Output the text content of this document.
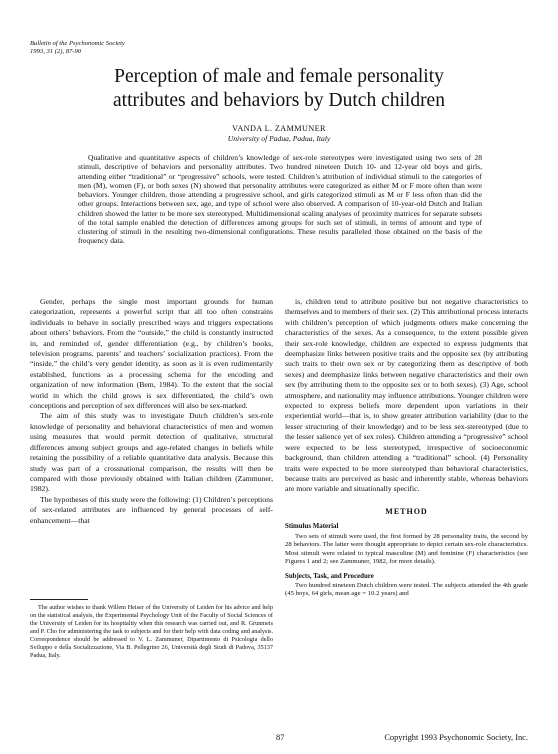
Bulletin of the Psychonomic Society
1993, 31 (2), 87-90
Perception of male and female personality
attributes and behaviors by Dutch children
VANDA L. ZAMMUNER
University of Padua, Padua, Italy

Qualitative and quantitative aspects of children’s knowledge of sex-role stereotypes were investigated using two sets of 28 stimuli, descriptive of behaviors and personality attributes. Two hundred nineteen Dutch 10- and 12-year old boys and girls, attending either “traditional” or “progressive” schools, were tested. Children’s attribution of individual stimuli to the categories of men (M), women (F), or both sexes (N) showed that personality attributes were categorized as either M or F more often than were behaviors. Younger children, those attending a progressive school, and girls categorized stimuli as M or F less often than did the other groups. Interactions between sex, age, and type of school were also observed. A comparison of 10-year-old Dutch and Italian children showed the latter to be more sex stereotyped. Multidimensional scaling analyses of proximity matrices for separate subsets of the total sample enabled the detection of differences among groups for such set of stimuli, in terms of amount and type of clustering of stimuli in the resulting two-dimensional configurations. These results paralleled those obtained on the basis of the frequency data.

Gender, perhaps the single most important grounds for human categorization, represents a powerful script that all too often constrains individuals to behave in socially prescribed ways and triggers expectations about others’ behaviors. From the “outside,” the child is constantly instructed in, and reminded of, gender differentiation (e.g., by children’s books, television programs, parents’ and teachers’ socialization practices). From the “inside,” the child’s very gender identity, as soon as it is even rudimentarily established, functions as a processing schema for the encoding and organization of new information (Bem, 1984). To the extent that the social world in which the child grows is sex differentiated, the child’s own conceptions and perception of sex differences will also be sex-marked.

The aim of this study was to investigate Dutch children’s sex-role knowledge of personality and behavioral characteristics of men and women using measures that would permit detection of qualitative, structural differences among subject groups and age-related changes in beliefs while retaining the possibility of a reliable quantitative data analysis. Because this study was part of a crossnational comparison, the results will then be compared with those previously obtained with Italian children (Zammuner, 1982).

The hypotheses of this study were the following: (1) Children’s perceptions of sex-related attributes are influenced by general processes of self-enhancement—that

The author wishes to thank Willem Heiser of the University of Leiden for his advice and help on the statistical analysis, the Experimental Psychology Unit of the Faculty of Social Sciences of the University of Leiden for its hospitality when this research was carried out, and R. Grunmeis and P. Cho for administering the task to subjects and for their help with data coding and analysis. Correspondence should be addressed to V. L. Zammuner, Dipartimento di Psicologia dello Sviluppo e della Socializzazione, Via B. Pellegrino 26, Università degli Studi di Padova, 35137 Padua, Italy.

is, children tend to attribute positive but not negative characteristics to themselves and to members of their sex. (2) This attributional process interacts with children’s perception of which judgments others make concerning the characteristics of the sexes. As a consequence, to the extent possible given their sex-role knowledge, children are expected to express judgments that deemphasize links between positive traits and the opposite sex (by attributing such traits to their own sex or by categorizing them as descriptive of both sexes) and deemphasize links between negative characteristics and their own sex (by attributing them to the opposite sex or to both sexes). (3) Age, school atmosphere, and nationality may influence attributions. Younger children were expected to express beliefs more dependent upon variations in their experiential world—that is, to show greater attribution variability (due to the lesser structuring of their knowledge) and to be less sex-stereotyped (due to the lesser salience yet of sex roles). Children attending a “progressive” school were expected to be less stereotyped, irrespective of socioeconomic background, than children attending a “traditional” school. (4) Personality traits were expected to be more stereotyped than behavioral characteristics, because traits are perceived as basic and inherently stable, whereas behaviors are more variable and situationally specific.

METHOD
Stimulus Material

Two sets of stimuli were used, the first formed by 28 personality traits, the second by 28 behaviors. The latter were thought appropriate to depict certain sex-role characteristics. Most stimuli were related to typical masculine (M) and feminine (F) characteristics (see Figures 1 and 2; see Zammuner, 1982, for more details).

Subjects, Task, and Procedure

Two hundred nineteen Dutch children were tested. The subjects attended the 4th grade (45 boys, 64 girls, mean age = 10.2 years) and

87	Copyright 1993 Psychonomic Society, Inc.
